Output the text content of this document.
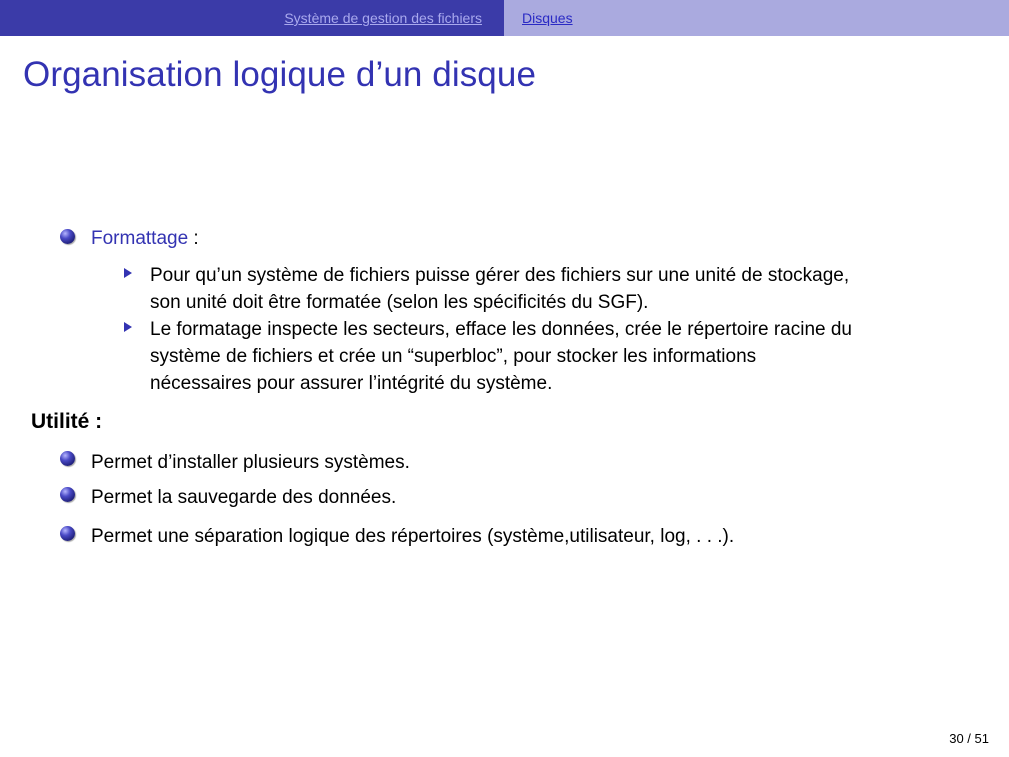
Système de gestion des fichiers	Disques
Organisation logique d’un disque

Formattage :

Pour qu’un système de fichiers puisse gérer des fichiers sur une unité de stockage,

son unité doit être formatée (selon les spécificités du SGF).

Le formatage inspecte les secteurs, efface les données, crée le répertoire racine du

système de fichiers et crée un “superbloc”, pour stocker les informations

nécessaires pour assurer l’intégrité du système.

Utilité :

Permet d’installer plusieurs systèmes.

Permet la sauvegarde des données.

Permet une séparation logique des répertoires (système,utilisateur, log, . . .).

30 / 51
